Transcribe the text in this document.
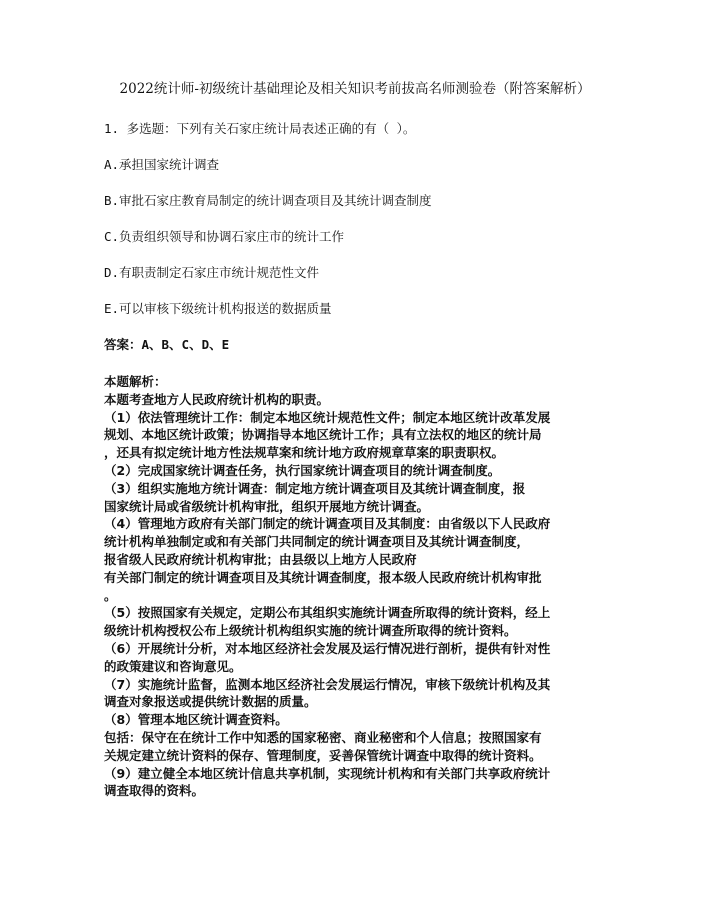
2022统计师-初级统计基础理论及相关知识考前拔高名师测验卷（附答案解析）
1. 多选题：下列有关石家庄统计局表述正确的有（ ）。
A.承担国家统计调查
B.审批石家庄教育局制定的统计调查项目及其统计调查制度
C.负责组织领导和协调石家庄市的统计工作
D.有职责制定石家庄市统计规范性文件
E.可以审核下级统计机构报送的数据质量
答案：A、B、C、D、E
本题解析：
本题考查地方人民政府统计机构的职责。
（1）依法管理统计工作：制定本地区统计规范性文件；制定本地区统计改革发展
规划、本地区统计政策；协调指导本地区统计工作；具有立法权的地区的统计局
，还具有拟定统计地方性法规草案和统计地方政府规章草案的职责职权。
（2）完成国家统计调查任务，执行国家统计调查项目的统计调查制度。
（3）组织实施地方统计调查：制定地方统计调查项目及其统计调查制度，报
国家统计局或省级统计机构审批，组织开展地方统计调查。
（4）管理地方政府有关部门制定的统计调查项目及其制度：由省级以下人民政府
统计机构单独制定或和有关部门共同制定的统计调查项目及其统计调查制度，
报省级人民政府统计机构审批；由县级以上地方人民政府
有关部门制定的统计调查项目及其统计调查制度，报本级人民政府统计机构审批
。
（5）按照国家有关规定，定期公布其组织实施统计调查所取得的统计资料，经上
级统计机构授权公布上级统计机构组织实施的统计调查所取得的统计资料。
（6）开展统计分析，对本地区经济社会发展及运行情况进行剖析，提供有针对性
的政策建议和咨询意见。
（7）实施统计监督，监测本地区经济社会发展运行情况，审核下级统计机构及其
调查对象报送或提供统计数据的质量。
（8）管理本地区统计调查资料。
包括：保守在在统计工作中知悉的国家秘密、商业秘密和个人信息；按照国家有
关规定建立统计资料的保存、管理制度，妥善保管统计调查中取得的统计资料。
（9）建立健全本地区统计信息共享机制，实现统计机构和有关部门共享政府统计
调查取得的资料。
